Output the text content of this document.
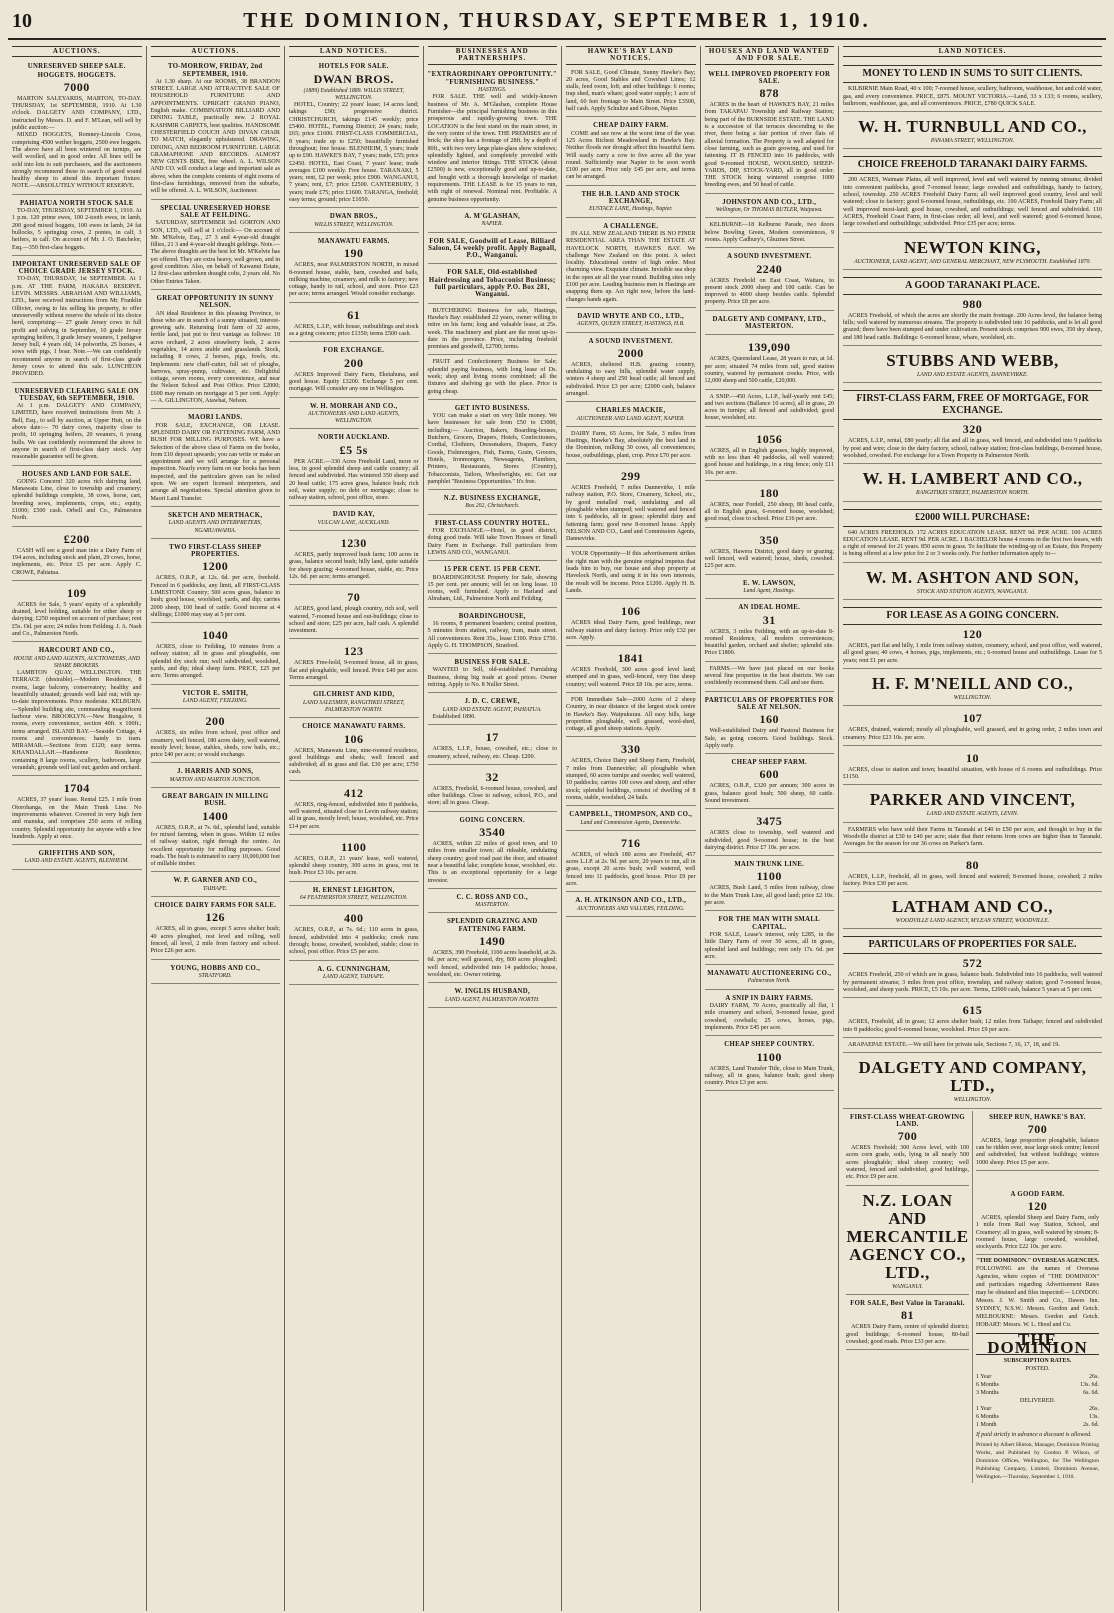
10	THE DOMINION, THURSDAY, SEPTEMBER 1, 1910.
AUCTIONS.
UNRESERVED SHEEP SALE.
HOGGETS. HOGGETS.
7000

MARTON SALEYARDS, MARTON, TO-DAY. THURSDAY, 1st SEPTEMBER, 1910. At 1.30 o'clock. DALGETY AND COMPANY, LTD., instructed by Messrs. D. and F. M'Lean, will sell by public auction:—

MIXED HOGGETS, Romney-Lincoln Cross, comprising 4500 wether hoggets, 2500 ewe hoggets. The above have all been wintered on turnips, are well woolled, and in good order. All lines will be sold into lots to suit purchasers, and the auctioneers strongly recommend these in search of good sound healthy sheep to attend this important fixture. NOTE.—ABSOLUTELY WITHOUT RESERVE.

PAHIATUA NORTH STOCK SALE

TO-DAY, THURSDAY, SEPTEMBER 1, 1910. At 1 p.m. 120 prime ewes, 100 2-tooth ewes, in lamb, 200 good mixed hoggets, 100 ewes in lamb, 24 fat bullocks, 5 springing cows, 2 ponies, in calf, 3 heifers, in calf. On account of Mr. J. O. Batchelor, Esq.—350 first-class hoggets.

IMPORTANT UNRESERVED SALE OF CHOICE GRADE JERSEY STOCK.

TO-DAY, THURSDAY, 1st SEPTEMBER. At 1 p.m. AT THE FARM, HAKARA RESERVE. LEVIN. MESSRS. ABRAHAM AND WILLIAMS, LTD., have received instructions from Mr. Franklin Ollivier, owing to his selling his property, to offer unreservedly without reserve the whole of his choice herd, comprising:— 27 grade Jersey cows in full profit and calving in September, 10 grade Jersey springing heifers, 3 grade Jersey weaners, 1 pedigree Jersey bull, 4 years old, 14 polworths, 25 horses, 4 sows with pigs, 1 boar. Note.—We can confidently recommend anyone in search of first-class grade Jersey cows to attend this sale. LUNCHEON PROVIDED.

UNRESERVED CLEARING SALE ON TUESDAY, 6th SEPTEMBER, 1910.

At 1 p.m. DALGETY AND COMPANY, LIMITED, have received instructions from Mr. J. Bell, Esq., to sell by auction, at Upper Hutt, on the above date:— 70 dairy cows, majority close to profit, 10 springing heifers, 20 weaners, 6 young bulls. We can confidently recommend the above to anyone in search of first-class dairy stock. Any reasonable guarantee will be given.

HOUSES AND LAND FOR SALE.

GOING Concern! 320 acres rich dairying land, Manawatu Line, close to township and creamery; splendid buildings complete, 38 cows, horse, cart, breeding sows, implements, crops, etc.; equity, £1000; £500 cash. Orbell and Co., Palmerston North.

£200

CASH will see a good man into a Dairy Farm of 194 acres, including stock and plant, 29 cows, horse, implements, etc. Price £5 per acre. Apply C. CROWE, Pahiatua.

109

ACRES for Sale, 5 years' equity of a splendidly drained, level holding, suitable for either sheep or dairying; £250 required on account of purchase; rent £5s. Od. per acre; 24 miles from Feilding. J. A. Nash and Co., Palmerston North.

HARCOURT AND CO.,
HOUSE AND LAND AGENTS, AUCTIONEERS, AND SHARE BROKERS.

LAMBTON QUAY, WELLINGTON. THE TERRACE (desirable).—Modern Residence, 8 rooms, large balcony, conservatory; healthy and beautifully situated; grounds well laid out; with up-to-date improvements. Price moderate. KELBURN.—Splendid building site, commanding magnificent harbour view. BROOKLYN.—New Bungalow, 6 rooms, every convenience, section 40ft. x 100ft.; terms arranged. ISLAND BAY.—Seaside Cottage, 4 rooms and conveniences; handy to tram. MIRAMAR.—Sections from £120; easy terms. KHANDALLAH.—Handsome Residence, containing 8 large rooms, scullery, bathroom, large verandah; grounds well laid out; garden and orchard.

1704

ACRES, 37 years' lease. Rental £25. 1 mile from Otorohanga, on the Main Trunk Line. No improvements whatever. Covered in very high fern and manuka, and comprises 250 acres of rolling country. Splendid opportunity for anyone with a few hundreds. Apply at once.

GRIFFITHS AND SON,
LAND AND ESTATE AGENTS, BLENHEIM.
AUCTIONS.
TO-MORROW, FRIDAY, 2nd SEPTEMBER, 1910.

At 1.30 sharp. At our ROOMS, 38 BRANDON STREET. LARGE AND ATTRACTIVE SALE OF HOUSEHOLD FURNITURE AND APPOINTMENTS. UPRIGHT GRAND PIANO, English make. COMBINATION BILLIARD AND DINING TABLE, practically new. 2 ROYAL KASHMIR CARPETS, best qualities. HANDSOME CHESTERFIELD COUCH AND DIVAN CHAIR TO MATCH, elegantly upholstered. DRAWING, DINING, AND BEDROOM FURNITURE. LARGE GRAMAPHONE AND RECORDS. ALMOST NEW GENTS BIKE, free wheel. A. L. WILSON AND CO. will conduct a large and important sale as above, when the complete contents of eight rooms of first-class furnishings, removed from the suburbs, will be offered. A. L. WILSON, Auctioneer.

SPECIAL UNRESERVED HORSE SALE AT FEILDING.

SATURDAY, SEPTEMBER 3rd. GORTON AND SON, LTD., will sell at 1 o'clock:— On account of Mr. M'Kelvie, Esq., 27 3 and 4-year-old draught fillies, 21 3 and 4-year-old draught geldings. Note.—The above draughts are the best lot Mr. M'Kelvie has yet offered. They are extra heavy, well grown, and in good condition. Also, on behalf of Kawanui Estate, 12 first-class unbroken draught colts, 2 years old. No Other Entries Taken.

GREAT OPPORTUNITY IN SUNNY NELSON.

AN ideal Residence in this pleasing Province, to those who are in search of a sunny situated, interest-growing safe. Returning fruit farm of 32 acres, fertile land, just put to first vantage as follows: 18 acres orchard, 2 acres strawberry beds, 2 acres vegetables, 14 acres arable and grasslands. Stock, including 8 cows, 2 horses, pigs, fowls, etc. Implements: new chaff-cutter, full set of ploughs, harrows, spray-pump, cultivator, etc. Delightful cottage, seven rooms, every convenience, and near the Nelson School and Post Office. Price £2000; £600 may remain on mortgage at 5 per cent. Apply:— A. GILLINGTON, Atawhai, Nelson.

MAORI LANDS.

FOR SALE, EXCHANGE, OR LEASE. SPLENDID DAIRY OR FATTENING FARM, AND BUSH FOR MILLING PURPOSES. WE have a Selection of the above class of Farms on the books, from £10 deposit upwards; you can write or make an appointment and we will arrange for a personal inspection. Nearly every farm on our books has been inspected, and the particulars given can be relied upon. We are expert licensed interpreters, and arrange all negotiations. Special attention given to Maori Land Transfer.

SKETCH AND MERTHACK,
LAND AGENTS AND INTERPRETERS, NGARUAWAHIA.
TWO FIRST-CLASS SHEEP PROPERTIES.
1200

ACRES, O.R.P., at 12s. 6d. per acre, freehold. Fenced in 6 paddocks, any limit, all FIRST-CLASS LIMESTONE Country; 500 acres grass, balance in bush; good house, woolshed, yards, and dip; carries 2000 sheep, 100 head of cattle. Good income at 4 shillings; £1000 may stay at 5 per cent.

1040

ACRES, close to Feilding, 10 minutes from a railway station; all in grass and ploughable, one splendid dry stock run; well subdivided, woolshed, yards, and dip; ideal sheep farm. PRICE, £25 per acre. Terms arranged.

VICTOR E. SMITH,
LAND AGENT, FEILDING.
200

ACRES, six miles from school, post office and creamery, well fenced, 180 acres dairy, well watered, mostly level; house, stables, sheds, cow bails, etc.; price £40 per acre; or would exchange.

J. HARRIS AND SONS,
MARTON AND MARTON JUNCTION.
GREAT BARGAIN IN MILLING BUSH.
1400

ACRES, O.R.P., at 7s. 6d., splendid land, suitable for mixed farming, when in grass. Within 12 miles of railway station, right through the centre. An excellent opportunity for milling purposes. Good roads. The bush is estimated to carry 10,000,000 feet of millable timber.

W. P. GARNER AND CO.,
TAIHAPE.
CHOICE DAIRY FARMS FOR SALE.
126

ACRES, all in grass, except 5 acres shelter bush; 40 acres ploughed, rest level and rolling, well fenced, all level, 2 mile from factory and school. Price £26 per acre.

YOUNG, HOBBS AND CO.,
STRATFORD.
LAND NOTICES.
HOTELS FOR SALE.
DWAN BROS.
(1889) Established 1889. WILLIS STREET, WELLINGTON.

HOTEL, Country; 22 years' lease; 14 acres land; takings £90; progressive district. CHRISTCHURCH, takings £145 weekly; price £5400. HOTEL, Farming District; 24 years; trade, £65; price £1600. FIRST-CLASS COMMERCIAL, 8 years; trade up to £250; beautifully furnished throughout; free house. BLENHEIM, 5 years; trade up to £90. HAWKE'S BAY, 7 years; trade, £55; price £2450. HOTEL, East Coast, 7 years' lease; trade averages £100 weekly. Free house. TARANAKI, 5 years; rent, £2 per week; price £900. WANGANUI, 7 years; rent, £7; price £2500. CANTERBURY, 3 years; trade £75; price £1600. TARANGA, freehold; easy terms; ground; price £1650.

DWAN BROS.,
WILLIS STREET, WELLINGTON.
MANAWATU FARMS.
190

ACRES, near PALMERSTON NORTH, in mixed 8-roomed house, stable, barn, cowshed and bails, milking machine, creamery, and milk to factory; new cottage, handy to rail, school, and store. Price £23 per acre; terms arranged. Would consider exchange.

61

ACRES, L.I.P., with house, outbuildings and stock as a going concern; price £1350; terms £500 cash.

FOR EXCHANGE.
200

ACRES Improved Dairy Farm, Eketahuna, and good house. Equity £3200. Exchange 5 per cent. mortgage. Will consider any one in Wellington.

W. H. MORRAH AND CO.,
AUCTIONEERS AND LAND AGENTS, WELLINGTON.
NORTH AUCKLAND.
£5 5s

PER ACRE.—330 Acres Freehold Land, more or less, in good splendid sheep and cattle country; all fenced and subdivided. Has wintered 350 sheep and 20 head cattle; 175 acres grass, balance bush; rich soil, water supply; no debt or mortgage; close to railway station, school, post office, store.

DAVID KAY,
VULCAN LANE, AUCKLAND.
1230

ACRES, partly improved bush farm; 100 acres in grass, balance second bush; hilly land, quite suitable for sheep grazing; 4-roomed house, stable, etc. Price 12s. 6d. per acre; terms arranged.

70

ACRES, good land, plough country, rich soil, well watered, 7-roomed house and out-buildings; close to school and store; £25 per acre, half cash. A splendid investment.

123

ACRES Free-hold, 9-roomed house, all in grass, flat and ploughable, well fenced. Price £40 per acre. Terms arranged.

GILCHRIST AND KIDD,
LAND SALESMEN, RANGITIKEI STREET, PALMERSTON NORTH.
CHOICE MANAWATU FARMS.
106

ACRES, Manawatu Line, nine-roomed residence, good buildings and sheds; well fenced and subdivided; all in grass and flat. £30 per acre; £750 cash.

412

ACRES, ring-fenced, subdivided into 8 paddocks, well watered, situated close to Levin railway station; all in grass, mostly level; house, woolshed, etc. Price £14 per acre.

1100

ACRES, O.R.P., 21 years' lease, well watered, splendid sheep country, 300 acres in grass, rest in bush. Price £3 10s. per acre.

H. ERNEST LEIGHTON,
64 FEATHERSTON STREET, WELLINGTON.
400

ACRES, O.R.P., at 7s. 6d.; 110 acres in grass, fenced, subdivided into 4 paddocks; creek runs through; house, cowshed, woolshed, stable; close to school, post office. Price £5 per acre.

A. G. CUNNINGHAM,
LAND AGENT, TAIHAPE.
BUSINESSES AND PARTNERSHIPS.
"EXTRAORDINARY OPPORTUNITY."
"FURNISHING BUSINESS."
HASTINGS.

FOR SALE. THE well and widely-known business of Mr. A. M'Glashan, complete House Furnisher—the principal furnishing business in this prosperous and rapidly-growing town. THE LOCATION is the best stand on the main street, in the very centre of the town. THE PREMISES are of brick; the shop has a frontage of 28ft. by a depth of 80ft., with two very large plate-glass show windows; splendidly lighted, and completely provided with window and interior fittings. THE STOCK (about £2500) is new, exceptionally good and up-to-date, and bought with a thorough knowledge of market requirements. THE LEASE is for 15 years to run, with right of renewal. Nominal rent. Profitable. A genuine business opportunity.

A. M'GLASHAN,
NAPIER.
FOR SALE, Goodwill of Lease, Billiard Saloon, £4 weekly profit. Apply Bagnall, P.O., Wanganui.
FOR SALE, Old-established Hairdressing and Tobacconist Business; full particulars, apply P.O. Box 281, Wanganui.

BUTCHERING Business for sale, Hastings, Hawke's Bay: established 22 years, owner willing to retire on his farm; long and valuable lease, at 25s. week. The machinery and plant are the most up-to-date in the province. Price, including freehold premises and goodwill, £2700; terms.

FRUIT and Confectionery Business for Sale; splendid paying business, with long lease of Ds. week; shop and living rooms combined; all the fixtures and shelving go with the place. Price is going cheap.

GET INTO BUSINESS.

YOU can make a start on very little money. We have businesses for sale from £50 to £3000, including:— Auction, Bakers, Boarding-houses, Butchers, Grocers, Drapers, Hotels, Confectioners, Cordial, Clothiers, Dressmakers, Drapers, Fancy Goods, Fishmongers, Fish, Farms, Grain, Grocers, Hotels, Ironmongers, Newsagents, Plumbers, Printers, Restaurants, Stores (Country), Tobacconists, Tailors, Wheelwrights, etc. Get our pamphlet "Business Opportunities." It's free.

N.Z. BUSINESS EXCHANGE,
Box 202, Christchurch.
FIRST-CLASS COUNTRY HOTEL.

FOR EXCHANGE.—Hotel, in good district, doing good trade. Will take Town Houses or Small Dairy Farm in Exchange. Full particulars from LEWIS AND CO., WANGANUI.

15 PER CENT. 15 PER CENT.

BOARDINGHOUSE Property for Sale, showing 15 per cent. per annum; will let on long lease. 10 rooms, well furnished. Apply to Harland and Abraham, Ltd., Palmerston North and Feilding.

BOARDINGHOUSE,

16 rooms, 8 permanent boarders; central position, 5 minutes from station, railway, tram, main street. All conveniences. Rent 35s., lease £100. Price £750. Apply G. H. THOMPSON, Stratford.

BUSINESS FOR SALE.

WANTED to Sell, old-established Furnishing Business, doing big trade at good prices. Owner retiring. Apply to No. 8 Nuller Street.

J. D. C. CREWE,
LAND AND ESTATE AGENT, PAHIATUA.

Established 1890.

17

ACRES, L.I.P., house, cowshed, etc.; close to creamery, school, railway, etc. Cheap. £200.

32

ACRES, Freehold, 6-roomed house, cowshed, and other buildings. Close to railway, school, P.O., and store; all in grass. Cheap.

GOING CONCERN.
3540

ACRES, within 22 miles of good town, and 10 miles from smaller town; all rideable, undulating sheep country; good road past the door, and situated near a beautiful lake; complete house, woolshed, etc. This is an exceptional opportunity for a large investor.

C. C. ROSS AND CO.,
MASTERTON.
SPLENDID GRAZING AND FATTENING FARM.
1490

ACRES, 390 Freehold, 1100 acres leasehold, at 2s. 6d. per acre; well grassed, dry, 800 acres ploughed; well fenced, subdivided into 14 paddocks; house, woolshed, etc. Owner retiring.

W. INGLIS HUSBAND,
LAND AGENT, PALMERSTON NORTH.
HAWKE'S BAY LAND NOTICES.

FOR SALE, Good Climate, Sunny Hawke's Bay; 20 acres, Good Stables and Cowshed Lines; 12 stalls, feed room, loft; and other buildings: 6 rooms; trap shed, man's whare; good water supply; 1 acre of land, 60 feet frontage to Main Street. Price £3500, half cash. Apply Schultze and Gibson, Napier.

CHEAP DAIRY FARM.

COME and see now at the worst time of the year. 125 Acres Richest Meadowland in Hawke's Bay. Neither floods nor drought affect this beautiful farm. Will easily carry a cow to five acres all the year round. Sufficiently near Napier to be soon worth £100 per acre. Price only £45 per acre, and terms can be arranged.

THE H.B. LAND AND STOCK EXCHANGE,
EUSTACE LANE, Hastings, Napier.
A CHALLENGE.

IN ALL NEW ZEALAND THERE IS NO FINER RESIDENTIAL AREA THAN THE ESTATE AT HAVELOCK NORTH, HAWKE'S BAY. We challenge New Zealand on this point. A select locality. Educational centre of high order. Most charming view. Exquisite climate. Invisible sea shop in the open air all the year round. Building sites only £100 per acre. Leading business men in Hastings are snapping them up. Act right now, before the land-changes hands again.

DAVID WHYTE AND CO., LTD.,
AGENTS, QUEEN STREET, HASTINGS, H.B.
A SOUND INVESTMENT.
2000

ACRES, sheltered H.B. grazing country, undulating to easy hills, splendid water supply, winters 4 sheep and 250 head cattle; all fenced and subdivided. Price £3 per acre; £2000 cash, balance arranged.

CHARLES MACKIE,
AUCTIONEER AND LAND AGENT, NAPIER.

DAIRY Farm, 65 Acres, for Sale, 3 miles from Hastings, Hawke's Bay, absolutely the best land in the Dominion, milking 30 cows, all conveniences; house, outbuildings, plant, crop. Price £70 per acre.

299

ACRES Freehold, 7 miles Dannevirke, 1 mile railway station, P.O. Store, Creamery, School, etc., by good metalled road, undulating and all ploughable when stumped; well watered and fenced into 6 paddocks, all in grass; splendid dairy and fattening farm; good new 8-roomed house. Apply NELSON AND CO., Land and Commission Agents, Dannevirke.

YOUR Opportunity—If this advertisement strikes the right man with the genuine original impetus that leads him to buy, our house and shop property at Havelock North, and using it in his own interests, the result will be income. Price £1200. Apply H. B. Lands.

106

ACRES ideal Dairy Farm, good buildings, near railway station and dairy factory. Price only £32 per acre. Apply.

1841

ACRES Freehold, 300 acres good level land; stumped and in grass, well-fenced, very fine sheep country; well watered. Price £8 10s. per acre, terms.

FOR Immediate Sale—2000 Acres of 2 sheep Country, in near distance of the largest stock centre in Hawke's Bay. Waipukurau. All easy hills, large proportion ploughable, well grassed, wool-shed, cottage, all good sheep stations. Apply.

330

ACRES, Choice Dairy and Sheep Farm, Freehold, 7 miles from Dannevirke; all ploughable when stumped, 60 acres turnips and swedes; well watered, 10 paddocks; carries 100 cows and sheep, and other stock; splendid buildings, consist of dwelling of 8 rooms, stable, woolshed, 24 bails.

CAMPBELL, THOMPSON, AND CO.,
Land and Commission Agents, Dannevirke.
716

ACRES, of which 180 acres are Freehold, 457 acres L.I.P. at 2s. 9d. per acre, 20 years to run, all in grass, except 20 acres bush; well watered, well fenced into 11 paddocks, good house. Price £9 per acre.

A. H. ATKINSON AND CO., LTD.,
AUCTIONEERS AND VALUERS, FEILDING.
HOUSES AND LAND WANTED AND FOR SALE.
WELL IMPROVED PROPERTY FOR SALE.
878

ACRES in the heart of HAWKE'S BAY, 21 miles from TAKAPAU Township and Railway Station; being part of the BURNSIDE ESTATE. THE LAND is a succession of flat terraces descending to the river, there being a fair portion of river flats of alluvial formation. The Property is well adapted for close farming, such as grain growing, and used for fattening. IT IS FENCED into 16 paddocks, with good 9-roomed HOUSE, WOOLSHED, SHEEP-YARDS, DIP, STOCK-YARD, all in good order. THE STOCK being wintered comprise 1000 breeding ewes, and 50 head of cattle.

JOHNSTON AND CO., LTD.,
Wellington, Or THOMAS BUTLER, Waipawa.

KELBURNE—18 Kelburne Parade, two doors below Bowling Green, Modern conveniences, 9 rooms. Apply Cadbury's, Ghuznee Street.

A SOUND INVESTMENT.
2240

ACRES Freehold on East Coast, Waitara, to present stock 2000 sheep and 100 cattle. Can be improved to 4000 sheep besides cattle. Splendid property. Price £8 per acre.

DALGETY AND COMPANY, LTD., MASTERTON.
139,090

ACRES, Queensland Lease, 28 years to run, at 1d. per acre; situated 74 miles from rail, good station country, watered by permanent creeks. Price, with 12,000 sheep and 500 cattle, £20,000.

A SNIP.—450 Acres, L.I.P., half-yearly rent £45; and two sections (Ballance 10 acres), all in grass, 20 acres in turnips; all fenced and subdivided; good house, woolshed, etc.

1056

ACRES, all in English grasses, highly improved, with no less than 40 paddocks, all well watered; good house and buildings, in a ring fence; only £11 10s. per acre.

180

ACRES, near Fordell, 250 sheep, 80 head cattle, all in English grass, 6-roomed house, woolshed; good road, close to school. Price £16 per acre.

350

ACRES, Hawera District, good dairy or grazing; well fenced, well watered; house, sheds, cowshed. £25 per acre.

E. W. LAWSON,
Land Agent, Hastings.
AN IDEAL HOME.
31

ACRES, 3 miles Feilding, with an up-to-date 8-roomed Residence, all modern conveniences; beautiful garden, orchard and shelter; splendid site. Price £1800.

FARMS.—We have just placed on our books several fine properties in the best districts. We can confidently recommend them. Call and see them.

PARTICULARS OF PROPERTIES FOR SALE AT NELSON.
160

Well-established Dairy and Pastoral Business for Sale, as going concern. Good buildings. Stock. Apply early.

CHEAP SHEEP FARM.
600

ACRES, O.R.P., £320 per annum; 300 acres in grass, balance good bush; 500 sheep, 60 cattle. Sound investment.

3475

ACRES close to township, well watered and subdivided, good 9-roomed house; in the best dairying district. Price £7 10s. per acre.

MAIN TRUNK LINE.
1100

ACRES, Bush Land, 5 miles from railway, close to the Main Trunk Line, all good land; price £2 10s. per acre.

FOR THE MAN WITH SMALL CAPITAL.

FOR SALE, Lease's interest, only £285, in the little Dairy Farm of over 50 acres, all in grass, splendid land and buildings; rent only 17s. 6d. per acre.

MANAWATU AUCTIONEERING CO.,
Palmerston North.
A SNIP IN DAIRY FARMS.

DAIRY FARM, 70 Acres, practically all flat, 1 mile creamery and school, 9-roomed house, good cowshed, cowbails; 25 cows, horses, pigs, implements. Price £45 per acre.

CHEAP SHEEP COUNTRY.
1100

ACRES, Land Transfer Title, close to Main Trunk, railway, all in grass, balance bush; good sheep country. Price £3 per acre.

LAND NOTICES.
MONEY TO LEND IN SUMS TO SUIT CLIENTS.

KILBIRNIE Main Road, 40 x 100; 7-roomed house, scullery, bathroom, washhouse, hot and cold water, gas, and every convenience. PRICE, £875. MOUNT VICTORIA.—Land, 33 x 133; 6 rooms, scullery, bathroom, washhouse, gas, and all conveniences. PRICE, £780 QUICK SALE.

W. H. TURNBULL AND CO.,
PANAMA STREET, WELLINGTON.
CHOICE FREEHOLD TARANAKI DAIRY FARMS.

200 ACRES, Waimate Plains, all well improved, level and well watered by running streams; divided into convenient paddocks, good 7-roomed house; large cowshed and outbuildings, handy to factory, school, township. 250 ACRES Freehold Dairy Farm; all well improved good country, level and well watered; close to factory; good 6-roomed house, outbuildings, etc. 190 ACRES, Freehold Dairy Farm; all well improved most-land; good house, cowshed, and outbuildings; well fenced and subdivided. 110 ACRES, Freehold Coast Farm, in first-class order; all level, and well watered; good 6-roomed house, large cowshed and outbuildings; subdivided. Price £35 per acre; terms.

NEWTON KING,
AUCTIONEER, LAND AGENT, AND GENERAL MERCHANT, NEW PLYMOUTH. Established 1870.
A GOOD TARANAKI PLACE.
980

ACRES Freehold, of which the acres are shortly the main frontage. 200 Acres level, the balance being hills; well watered by numerous streams. The property is subdivided into 16 paddocks, and is let all good grazed; there have been stumped and under cultivation. Present stock comprises 900 ewes, 350 dry sheep, and 180 head cattle. Buildings: 6-roomed house, whare, woolshed, etc.

STUBBS AND WEBB,
LAND AND ESTATE AGENTS, DANNEVIRKE.
FIRST-CLASS FARM, FREE OF MORTGAGE, FOR EXCHANGE.
320

ACRES, L.I.P., rental, £80 yearly; all flat and all in grass, well fenced, and subdivided into 9 paddocks by post and wire; close to the dairy factory, school, railway station; first-class buildings, 8-roomed house, woolshed, cowshed. For exchange for a Town Property in Palmerston North.

W. H. LAMBERT AND CO.,
RANGITIKEI STREET, PALMERSTON NORTH.
£2000 WILL PURCHASE:

640 ACRES FREEHOLD. 172 ACRES EDUCATION LEASE. RENT 9d. PER ACRE. 100 ACRES EDUCATION LEASE. RENT 9d. PER ACRE. 1 BACHELOR house 4 rooms in the first two leases, with a right of renewal for 21 years. 850 acres in grass. To facilitate the winding-up of an Estate, this Property is being offered at a low price for 2 or 3 weeks only. For further information apply to—

W. M. ASHTON AND SON,
STOCK AND STATION AGENTS, WANGANUI.
FOR LEASE AS A GOING CONCERN.
120

ACRES, part flat and hilly, 1 mile from railway station, creamery, school, and post office, well watered, all good grass; 40 cows, 4 horses, pigs, implements, etc.; 6-roomed house and outbuildings. Lease for 5 years; rent £1 per acre.

H. F. M'NEILL AND CO.,
WELLINGTON.
107

ACRES, drained, watered; mostly all ploughable, well grassed, and in going order, 2 miles town and creamery. Price £23 10s. per acre.

10

ACRES, close to station and town; beautiful situation, with house of 6 rooms and outbuildings. Price £1150.

PARKER AND VINCENT,
LAND AND ESTATE AGENTS, LEVIN.

FARMERS who have sold their Farms in Taranaki at £40 to £50 per acre, and thought to buy in the Woodville district at £30 to £40 per acre; state that their returns from cows are higher than in Taranaki. Averages for the season for our 36 cows on Parker's farm.

80

ACRES, L.I.P., freehold, all in grass, well fenced and watered; 8-roomed house, cowshed; 2 miles factory. Price £30 per acre.

LATHAM AND CO.,
WOODVILLE LAND AGENCY, M'LEAN STREET, WOODVILLE.
PARTICULARS OF PROPERTIES FOR SALE.
572

ACRES Freehold, 250 of which are in grass, balance bush. Subdivided into 16 paddocks, well watered by permanent streams; 3 miles from post office, township, and railway station; good 7-roomed house, woolshed, and sheep yards. PRICE, £5 10s. per acre. Terms, £2000 cash, balance 5 years at 5 per cent.

615

ACRES, Freehold, all in grass; 12 acres shelter bush; 12 miles from Taihape; fenced and subdivided into 8 paddocks; good 6-roomed house, woolshed. Price £9 per acre.

ARAPAEPAE ESTATE.—We still have for private sale, Sections 7, 16, 17, 18, and 19.

DALGETY AND COMPANY, LTD.,
WELLINGTON.
FIRST-CLASS WHEAT-GROWING LAND.
700

ACRES Freehold; 300 Acres level, with 100 acres corn grade, soils, lying in all nearly 500 acres ploughable; ideal sheep country; well watered, fenced and subdivided, good buildings, etc. Price £9 per acre.

SHEEP RUN, HAWKE'S BAY.
700

ACRES, large proportion ploughable, balance can be ridden over, near large stock centre; fenced and subdivided, but without buildings; winters 1000 sheep. Price £5 per acre.

N.Z. LOAN AND MERCANTILE AGENCY CO., LTD.,
WANGANUI.
FOR SALE, Best Value in Taranaki.
81

ACRES Dairy Farm, centre of splendid district; good buildings; 6-roomed house, 80-bail cowshed; good roads. Price £33 per acre.

A GOOD FARM.
120

ACRES, splendid Sheep and Dairy Farm, only 1 mile from Rail way Station, School, and Creamery; all in grass, well watered by stream; 8-roomed house, large cowshed, woolshed, stockyards. Price £22 10s. per acre.

"THE DOMINION." OVERSEAS AGENCIES.

FOLLOWING are the names of Overseas Agencies, where copies of "THE DOMINION" and particulars regarding Advertisement Rates may be obtained and files inspected:— LONDON: Messrs. J. W. Smith and Co., Dawes Inn. SYDNEY, N.S.W.: Messrs. Gordon and Gotch. MELBOURNE: Messrs. Gordon and Gotch. HOBART: Messrs. W. L. Hood and Co.

THE DOMINION
SUBSCRIPTION RATES.
POSTED.
1 Year	26s.
6 Months	13s. 6d.
3 Months	6s. 6d.
DELIVERED.
1 Year	26s.
6 Months	13s.
1 Month	2s. 6d.

If paid strictly in advance a discount is allowed.

Printed by Albert Hinton, Manager, Dominion Printing Works, and Published by Gordon P. Wilson, of Dominion Offices, Wellington, for The Wellington Publishing Company, Limited, Dominion Avenue, Wellington.—Thursday, September 1, 1910.
